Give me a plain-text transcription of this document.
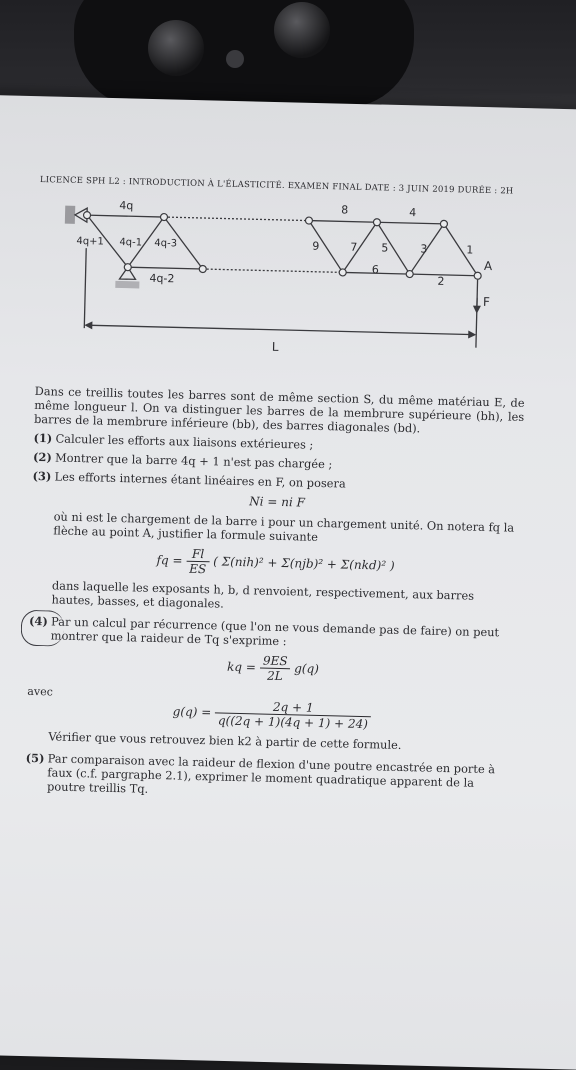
LICENCE SPH L2 : INTRODUCTION À L'ÉLASTICITÉ. EXAMEN FINAL DATE : 3 JUIN 2019 DURÉE : 2H
4q
4q+1 4q-1 4q-3
4q-2
8	4
9	7 5	3	1
6
2
A
F
L
Dans ce treillis toutes les barres sont de même section S, du même matériau E, de même longueur l. On va distinguer les barres de la membrure supérieure (bh), les barres de la membrure inférieure (bb), des barres diagonales (bd).
(1) Calculer les efforts aux liaisons extérieures ;
(2) Montrer que la barre 4q + 1 n'est pas chargée ;
(3) Les efforts internes étant linéaires en F, on posera
Ni = ni F
où ni est le chargement de la barre i pour un chargement unité. On notera fq la flèche au point A, justifier la formule suivante
fq = $\frac{Fl}{ES}$ ( Σ(nih)² + Σ(njb)² + Σ(nkd)² )
dans laquelle les exposants h, b, d renvoient, respectivement, aux barres hautes, basses, et diagonales.
(4) Par un calcul par récurrence (que l'on ne vous demande pas de faire) on peut montrer que la raideur de Tq s'exprime :
kq = $\frac{9ES}{2L} g(q)$
avec
$g(q) = \frac{2q + 1}{q((2q + 1)(4q + 1) + 24)}$
Vérifier que vous retrouvez bien k2 à partir de cette formule.
(5) Par comparaison avec la raideur de flexion d'une poutre encastrée en porte à faux (c.f. pargraphe 2.1), exprimer le moment quadratique apparent de la poutre treillis Tq.
